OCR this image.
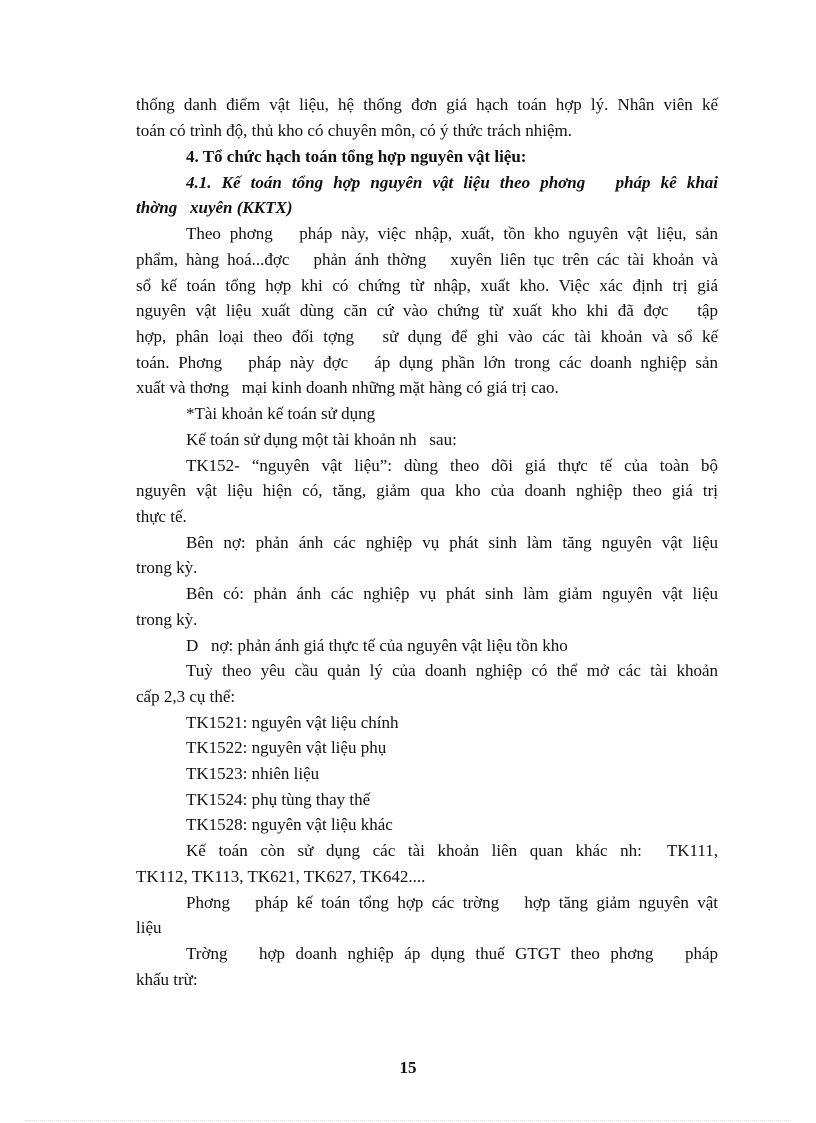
thống danh điểm vật liệu, hệ thống đơn giá hạch toán hợp lý. Nhân viên kế
toán có trình độ, thủ kho có chuyên môn, có ý thức trách nhiệm.
4. Tổ chức hạch toán tổng hợp nguyên vật liệu:
4.1. Kế toán tổng hợp nguyên vật liệu theo phơng   pháp kê khai
thờng   xuyên (KKTX)
Theo phơng   pháp này, việc nhập, xuất, tồn kho nguyên vật liệu, sản
phẩm, hàng hoá...đợc   phản ánh thờng   xuyên liên tục trên các tài khoản và
sổ kế toán tổng hợp khi có chứng từ nhập, xuất kho. Việc xác định trị giá
nguyên vật liệu xuất dùng căn cứ vào chứng từ xuất kho khi đã đợc   tập
hợp, phân loại theo đối tợng   sử dụng để ghi vào các tài khoản và sổ kế
toán. Phơng   pháp này đợc   áp dụng phần lớn trong các doanh nghiệp sản
xuất và thơng   mại kinh doanh những mặt hàng có giá trị cao.
*Tài khoản kế toán sử dụng
Kế toán sử dụng một tài khoản nh   sau:
TK152- “nguyên vật liệu”: dùng theo dõi giá thực tế của toàn bộ
nguyên vật liệu hiện có, tăng, giảm qua kho của doanh nghiệp theo giá trị
thực tế.
Bên nợ: phản ánh các nghiệp vụ phát sinh làm tăng nguyên vật liệu
trong kỳ.
Bên có: phản ánh các nghiệp vụ phát sinh làm giảm nguyên vật liệu
trong kỳ.
D   nợ: phản ánh giá thực tế của nguyên vật liệu tồn kho
Tuỳ theo yêu cầu quản lý của doanh nghiệp có thể mở các tài khoản
cấp 2,3 cụ thể:
TK1521: nguyên vật liệu chính
TK1522: nguyên vật liệu phụ
TK1523: nhiên liệu
TK1524: phụ tùng thay thế
TK1528: nguyên vật liệu khác
Kế toán còn sử dụng các tài khoản liên quan khác nh:  TK111,
TK112, TK113, TK621, TK627, TK642....
Phơng   pháp kế toán tổng hợp các trờng   hợp tăng giảm nguyên vật
liệu
Trờng   hợp doanh nghiệp áp dụng thuế GTGT theo phơng   pháp
khấu trừ:
15
